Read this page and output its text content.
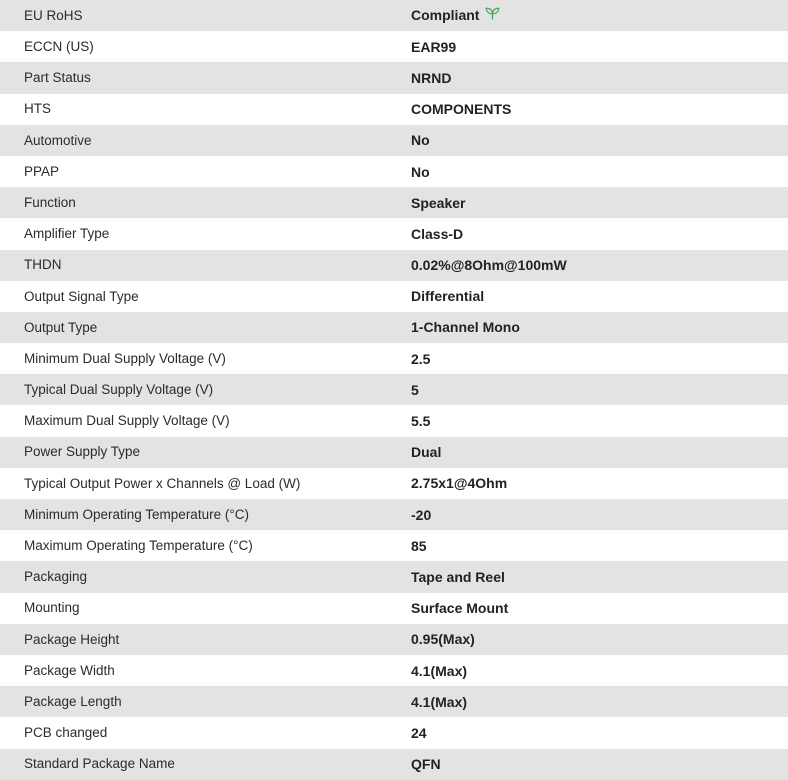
EU RoHS	Compliant
ECCN (US)	EAR99
Part Status	NRND
HTS	COMPONENTS
Automotive	No
PPAP	No
Function	Speaker
Amplifier Type	Class-D
THDN	0.02%@8Ohm@100mW
Output Signal Type	Differential
Output Type	1-Channel Mono
Minimum Dual Supply Voltage (V)	2.5
Typical Dual Supply Voltage (V)	5
Maximum Dual Supply Voltage (V)	5.5
Power Supply Type	Dual
Typical Output Power x Channels @ Load (W)	2.75x1@4Ohm
Minimum Operating Temperature (°C)	-20
Maximum Operating Temperature (°C)	85
Packaging	Tape and Reel
Mounting	Surface Mount
Package Height	0.95(Max)
Package Width	4.1(Max)
Package Length	4.1(Max)
PCB changed	24
Standard Package Name	QFN
